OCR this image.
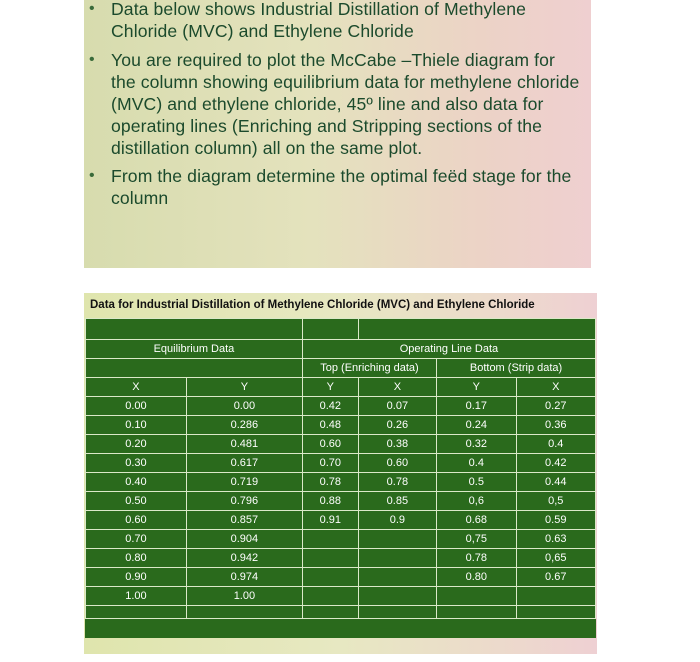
• Data below shows Industrial Distillation of Methylene Chloride (MVC) and Ethylene Chloride
• You are required to plot the McCabe –Thiele diagram for the column showing equilibrium data for methylene chloride (MVC) and ethylene chloride, 45º line and also data for operating lines (Enriching and Stripping sections of the distillation column) all on the same plot.
• From the diagram determine the optimal feëd stage for the column
Data for Industrial Distillation of Methylene Chloride (MVC) and Ethylene Chloride

Equilibrium Data		Operating Line Data			
		Top (Enriching data)		Bottom (Strip data)	
X	Y	Y	X	Y	X
0.00	0.00	0.42	0.07	0.17	0.27
0.10	0.286	0.48	0.26	0.24	0.36
0.20	0.481	0.60	0.38	0.32	0.4
0.30	0.617	0.70	0.60	0.4	0.42
0.40	0.719	0.78	0.78	0.5	0.44
0.50	0.796	0.88	0.85	0,6	0,5
0.60	0.857	0.91	0.9	0.68	0.59
0.70	0.904			0,75	0.63
0.80	0.942			0.78	0,65
0.90	0.974			0.80	0.67
1.00	1.00				
